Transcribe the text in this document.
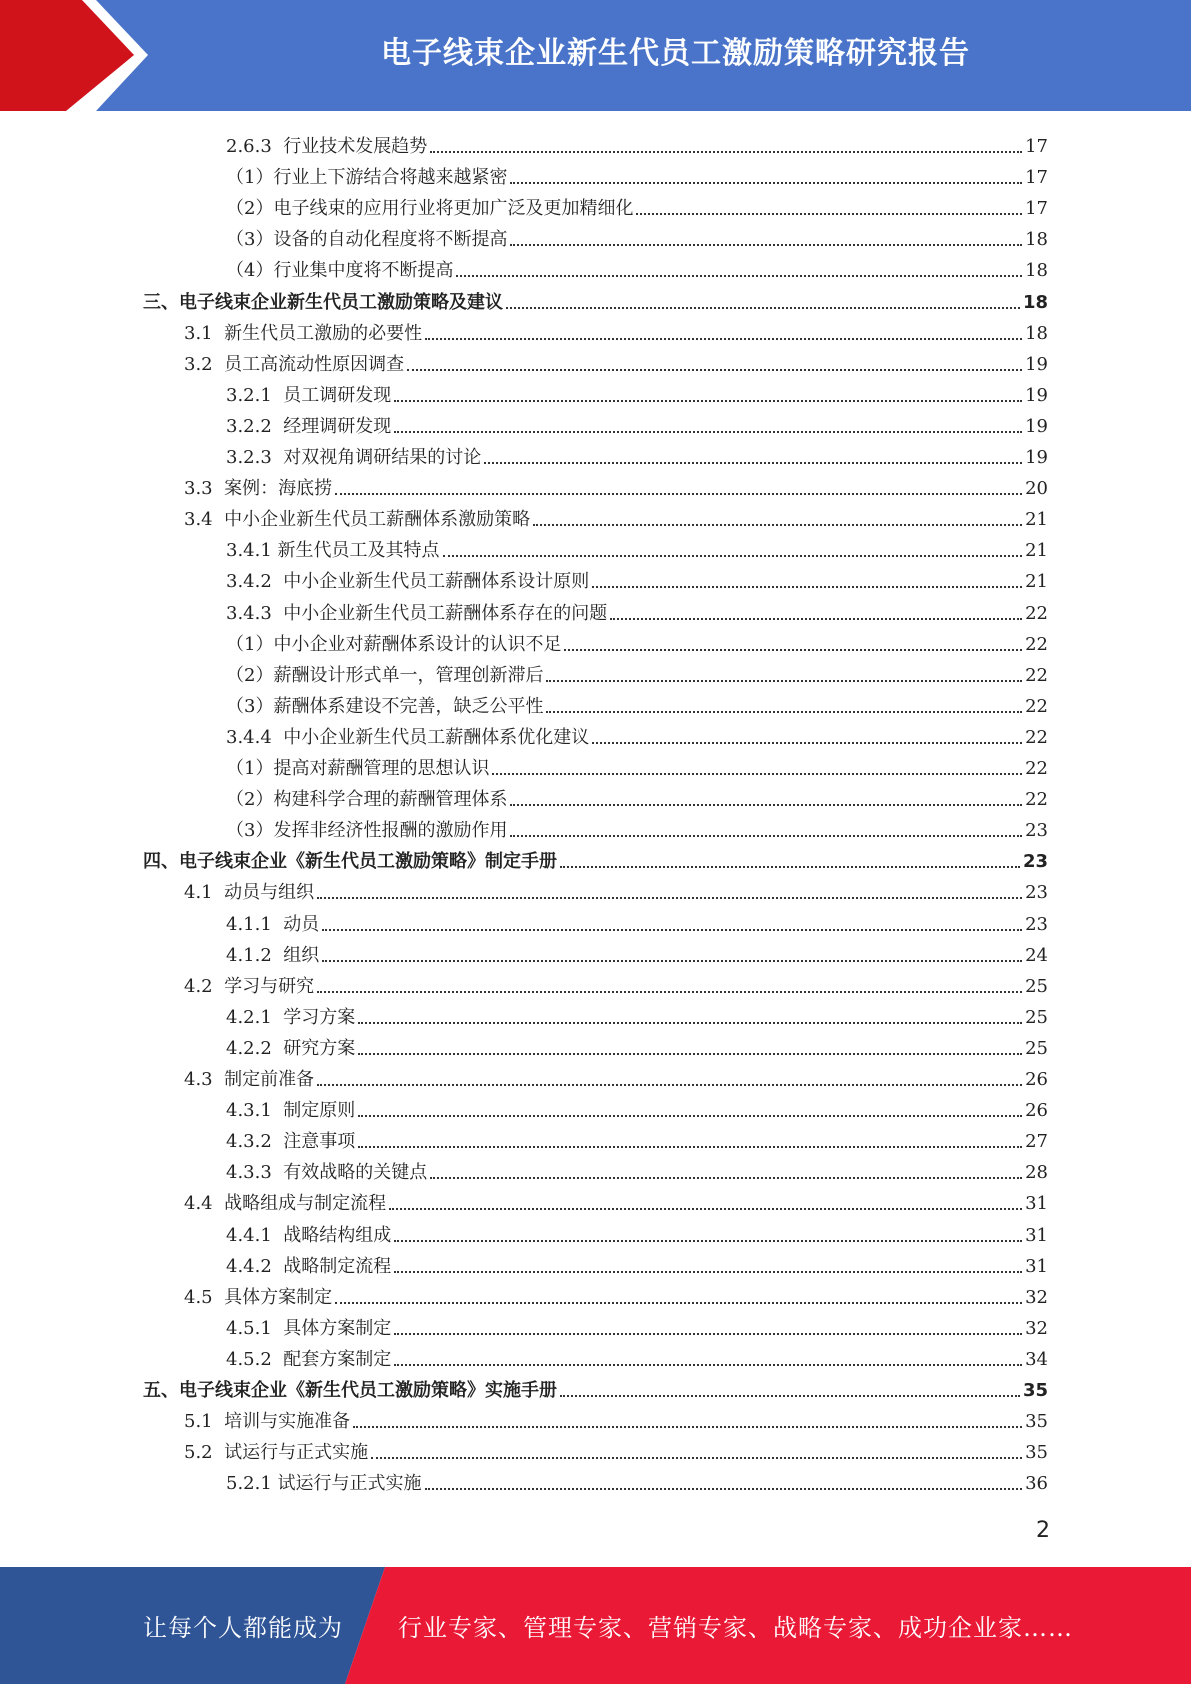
电子线束企业新生代员工激励策略研究报告
2.6.3  行业技术发展趋势	17
（1）行业上下游结合将越来越紧密	17
（2）电子线束的应用行业将更加广泛及更加精细化	17
（3）设备的自动化程度将不断提高	18
（4）行业集中度将不断提高	18
三、电子线束企业新生代员工激励策略及建议	18
3.1  新生代员工激励的必要性	18
3.2  员工高流动性原因调查	19
3.2.1  员工调研发现	19
3.2.2  经理调研发现	19
3.2.3  对双视角调研结果的讨论	19
3.3  案例：海底捞	20
3.4  中小企业新生代员工薪酬体系激励策略	21
3.4.1 新生代员工及其特点	21
3.4.2  中小企业新生代员工薪酬体系设计原则	21
3.4.3  中小企业新生代员工薪酬体系存在的问题	22
（1）中小企业对薪酬体系设计的认识不足	22
（2）薪酬设计形式单一，管理创新滞后	22
（3）薪酬体系建设不完善，缺乏公平性	22
3.4.4  中小企业新生代员工薪酬体系优化建议	22
（1）提高对薪酬管理的思想认识	22
（2）构建科学合理的薪酬管理体系	22
（3）发挥非经济性报酬的激励作用	23
四、电子线束企业《新生代员工激励策略》制定手册	23
4.1  动员与组织	23
4.1.1  动员	23
4.1.2  组织	24
4.2  学习与研究	25
4.2.1  学习方案	25
4.2.2  研究方案	25
4.3  制定前准备	26
4.3.1  制定原则	26
4.3.2  注意事项	27
4.3.3  有效战略的关键点	28
4.4  战略组成与制定流程	31
4.4.1  战略结构组成	31
4.4.2  战略制定流程	31
4.5  具体方案制定	32
4.5.1  具体方案制定	32
4.5.2  配套方案制定	34
五、电子线束企业《新生代员工激励策略》实施手册	35
5.1  培训与实施准备	35
5.2  试运行与正式实施	35
5.2.1 试运行与正式实施	36
2
让每个人都能成为 行业专家、管理专家、营销专家、战略专家、成功企业家……
